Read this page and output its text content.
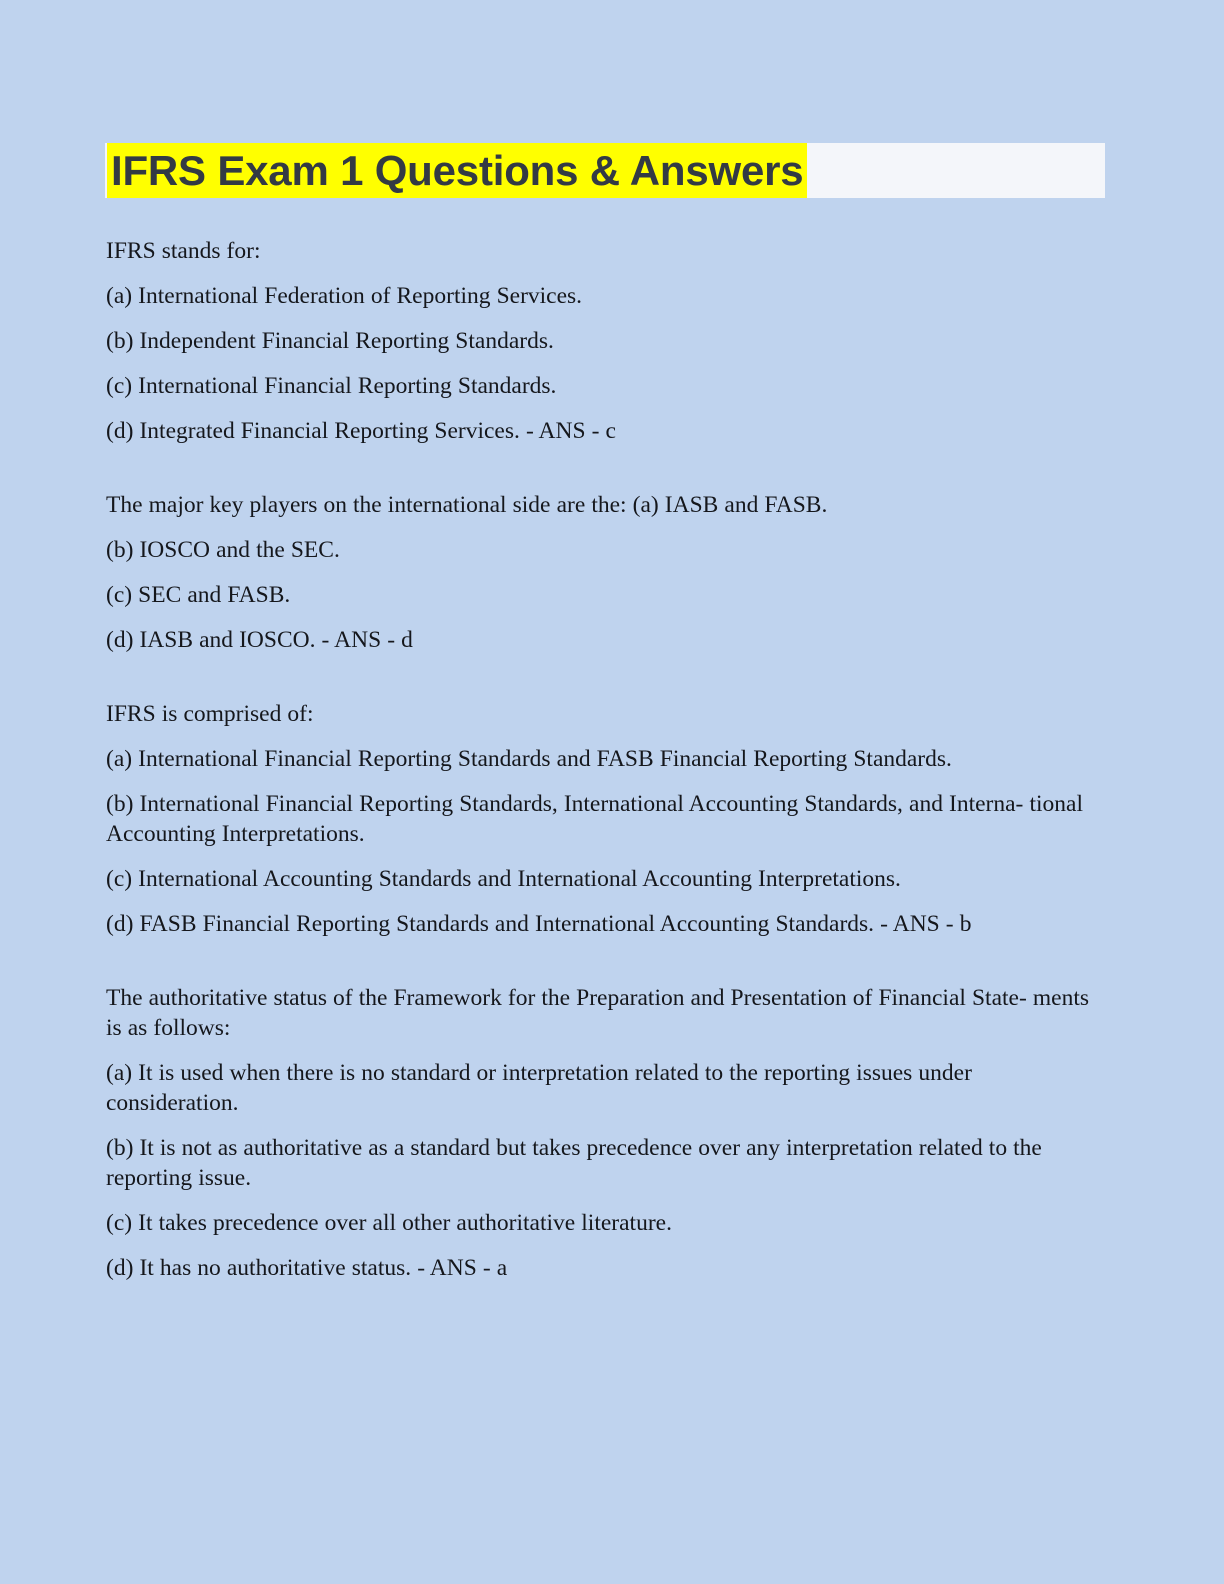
IFRS Exam 1 Questions & Answers

IFRS stands for:

(a) International Federation of Reporting Services.

(b) Independent Financial Reporting Standards.

(c) International Financial Reporting Standards.

(d) Integrated Financial Reporting Services. - ANS - c

The major key players on the international side are the: (a) IASB and FASB.

(b) IOSCO and the SEC.

(c) SEC and FASB.

(d) IASB and IOSCO. - ANS - d

IFRS is comprised of:

(a) International Financial Reporting Standards and FASB Financial Reporting Standards.

(b) International Financial Reporting Standards, International Accounting Standards, and Interna- tional Accounting Interpretations.

(c) International Accounting Standards and International Accounting Interpretations.

(d) FASB Financial Reporting Standards and International Accounting Standards. - ANS - b

The authoritative status of the Framework for the Preparation and Presentation of Financial State- ments is as follows:

(a) It is used when there is no standard or interpretation related to the reporting issues under consideration.

(b) It is not as authoritative as a standard but takes precedence over any interpretation related to the reporting issue.

(c) It takes precedence over all other authoritative literature.

(d) It has no authoritative status. - ANS - a
